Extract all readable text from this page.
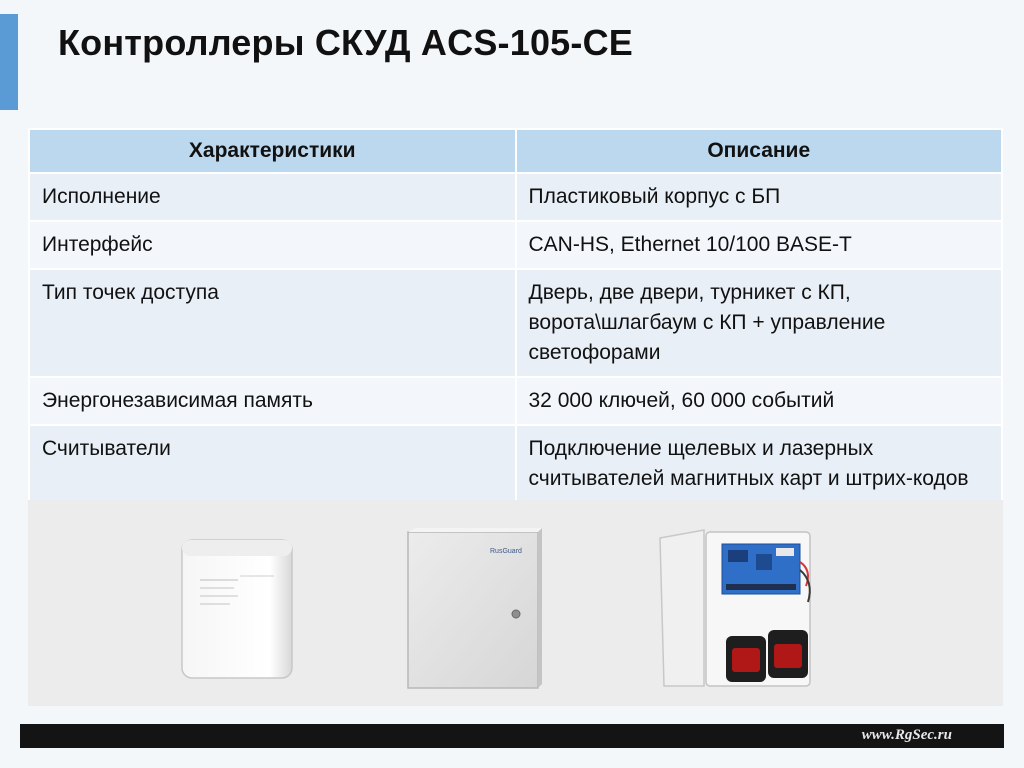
Контроллеры СКУД ACS-105-CE
Характеристики	Описание
Исполнение	Пластиковый корпус с БП
Интерфейс	CAN-HS, Ethernet 10/100 BASE-T
Тип точек доступа	Дверь, две двери, турникет с КП, ворота\шлагбаум с КП + управление светофорами
Энергонезависимая память	32 000 ключей, 60 000 событий
Считыватели	Подключение щелевых и лазерных считывателей магнитных карт и штрих-кодов
RusGuard
www.RgSec.ru
